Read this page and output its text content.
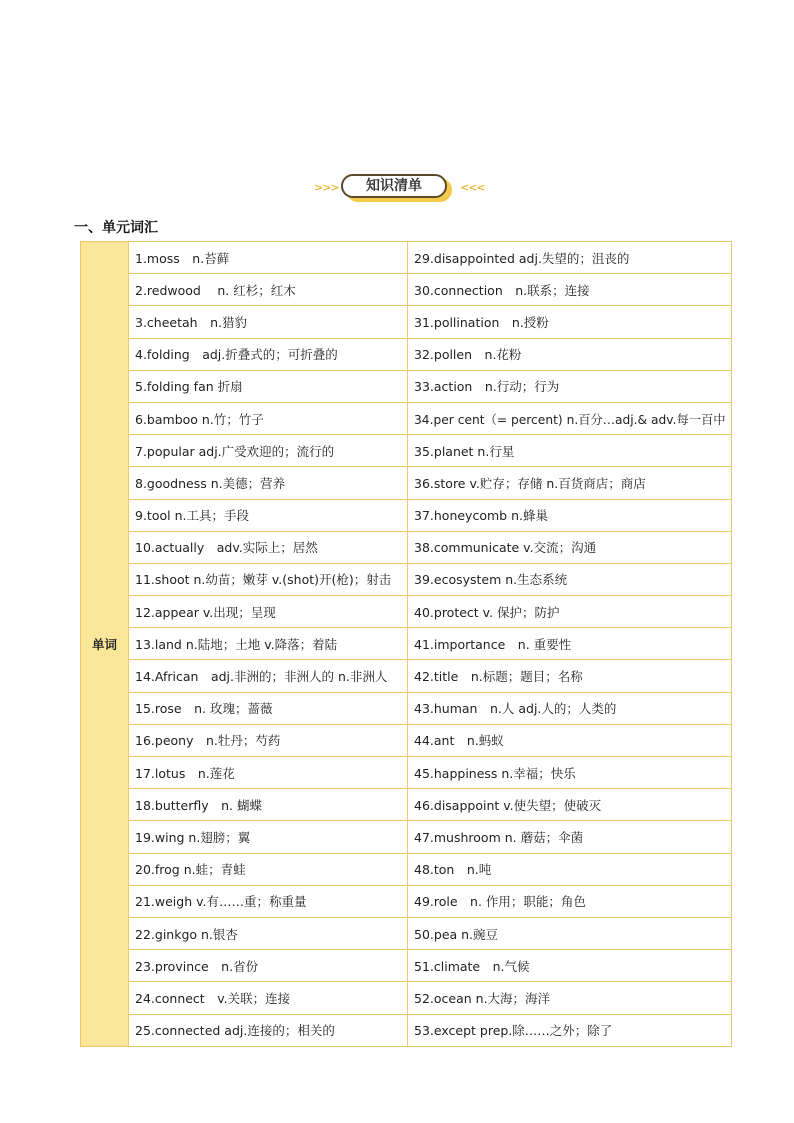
>>>	知识清单	<<<
一、单元词汇
单词	1.moss　n.苔藓	29.disappointed adj.失望的；沮丧的
	2.redwood　 n. 红杉；红木	30.connection　n.联系；连接
	3.cheetah　n.猎豹	31.pollination　n.授粉
	4.folding　adj.折叠式的；可折叠的	32.pollen　n.花粉
	5.folding fan 折扇	33.action　n.行动；行为
	6.bamboo n.竹；竹子	34.per cent（= percent) n.百分…adj.& adv.每一百中
	7.popular adj.广受欢迎的；流行的	35.planet n.行星
	8.goodness n.美德；营养	36.store v.贮存；存储 n.百货商店；商店
	9.tool n.工具；手段	37.honeycomb n.蜂巢
	10.actually　adv.实际上；居然	38.communicate v.交流；沟通
	11.shoot n.幼苗；嫩芽 v.(shot)开(枪)；射击	39.ecosystem n.生态系统
	12.appear v.出现；呈现	40.protect v. 保护；防护
	13.land n.陆地；土地 v.降落；着陆	41.importance　n. 重要性
	14.African　adj.非洲的；非洲人的 n.非洲人	42.title　n.标题；题目；名称
	15.rose　n. 玫瑰；蔷薇	43.human　n.人 adj.人的；人类的
	16.peony　n.牡丹；芍药	44.ant　n.蚂蚁
	17.lotus　n.莲花	45.happiness n.幸福；快乐
	18.butterfly　n. 蝴蝶	46.disappoint v.使失望；使破灭
	19.wing n.翅膀；翼	47.mushroom n. 蘑菇；伞菌
	20.frog n.蛙；青蛙	48.ton　n.吨
	21.weigh v.有……重；称重量	49.role　n. 作用；职能；角色
	22.ginkgo n.银杏	50.pea n.豌豆
	23.province　n.省份	51.climate　n.气候
	24.connect　v.关联；连接	52.ocean n.大海；海洋
	25.connected adj.连接的；相关的	53.except prep.除……之外；除了
